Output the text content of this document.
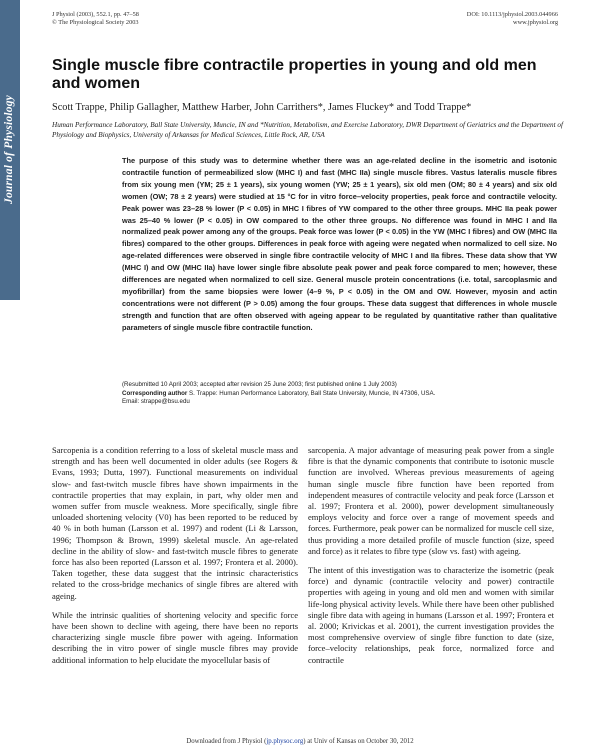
Journal of Physiology
J Physiol (2003), 552.1, pp. 47–58
© The Physiological Society 2003
DOI: 10.1113/jphysiol.2003.044966
www.jphysiol.org
Single muscle fibre contractile properties in young and old men and women
Scott Trappe, Philip Gallagher, Matthew Harber, John Carrithers*, James Fluckey* and Todd Trappe*
Human Performance Laboratory, Ball State University, Muncie, IN and *Nutrition, Metabolism, and Exercise Laboratory, DWR Department of Geriatrics and the Department of Physiology and Biophysics, University of Arkansas for Medical Sciences, Little Rock, AR, USA

The purpose of this study was to determine whether there was an age-related decline in the isometric and isotonic contractile function of permeabilized slow (MHC I) and fast (MHC IIa) single muscle fibres. Vastus lateralis muscle fibres from six young men (YM; 25 ± 1 years), six young women (YW; 25 ± 1 years), six old men (OM; 80 ± 4 years) and six old women (OW; 78 ± 2 years) were studied at 15 °C for in vitro force–velocity properties, peak force and contractile velocity. Peak power was 23–28 % lower (P < 0.05) in MHC I fibres of YW compared to the other three groups. MHC IIa peak power was 25–40 % lower (P < 0.05) in OW compared to the other three groups. No difference was found in MHC I and IIa normalized peak power among any of the groups. Peak force was lower (P < 0.05) in the YW (MHC I fibres) and OW (MHC IIa fibres) compared to the other groups. Differences in peak force with ageing were negated when normalized to cell size. No age-related differences were observed in single fibre contractile velocity of MHC I and IIa fibres. These data show that YW (MHC I) and OW (MHC IIa) have lower single fibre absolute peak power and peak force compared to men; however, these differences are negated when normalized to cell size. General muscle protein concentrations (i.e. total, sarcoplasmic and myofibrillar) from the same biopsies were lower (4–9 %, P < 0.05) in the OM and OW. However, myosin and actin concentrations were not different (P > 0.05) among the four groups. These data suggest that differences in whole muscle strength and function that are often observed with ageing appear to be regulated by quantitative rather than qualitative parameters of single muscle fibre contractile function.

(Resubmitted 10 April 2003; accepted after revision 25 June 2003; first published online 1 July 2003)
Corresponding author S. Trappe: Human Performance Laboratory, Ball State University, Muncie, IN 47306, USA.
Email: strappe@bsu.edu

Sarcopenia is a condition referring to a loss of skeletal muscle mass and strength and has been well documented in older adults (see Rogers & Evans, 1993; Dutta, 1997). Functional measurements on individual slow- and fast-twitch muscle fibres have shown impairments in the contractile properties that may explain, in part, why older men and women suffer from muscle weakness. More specifically, single fibre unloaded shortening velocity (V0) has been reported to be reduced by 40 % in both human (Larsson et al. 1997) and rodent (Li & Larsson, 1996; Thompson & Brown, 1999) skeletal muscle. An age-related decline in the ability of slow- and fast-twitch muscle fibres to generate force has also been reported (Larsson et al. 1997; Frontera et al. 2000). Taken together, these data suggest that the intrinsic characteristics related to the cross-bridge mechanics of single fibres are altered with ageing.

While the intrinsic qualities of shortening velocity and specific force have been shown to decline with ageing, there have been no reports characterizing single muscle fibre power with ageing. Information describing the in vitro power of single muscle fibres may provide additional information to help elucidate the myocellular basis of

sarcopenia. A major advantage of measuring peak power from a single fibre is that the dynamic components that contribute to isotonic muscle function are involved. Whereas previous measurements of ageing human single muscle fibre function have been reported from independent measures of contractile velocity and peak force (Larsson et al. 1997; Frontera et al. 2000), power development simultaneously employs velocity and force over a range of movement speeds and forces. Furthermore, peak power can be normalized for muscle cell size, thus providing a more detailed profile of muscle function (size, speed and force) as it relates to fibre type (slow vs. fast) with ageing.

The intent of this investigation was to characterize the isometric (peak force) and dynamic (contractile velocity and power) contractile properties with ageing in young and old men and women with similar life-long physical activity levels. While there have been other published single fibre data with ageing in humans (Larsson et al. 1997; Frontera et al. 2000; Krivickas et al. 2001), the current investigation provides the most comprehensive overview of single fibre function to date (size, force–velocity relationships, peak force, normalized force and contractile

Downloaded from J Physiol (jp.physoc.org) at Univ of Kansas on October 30, 2012
